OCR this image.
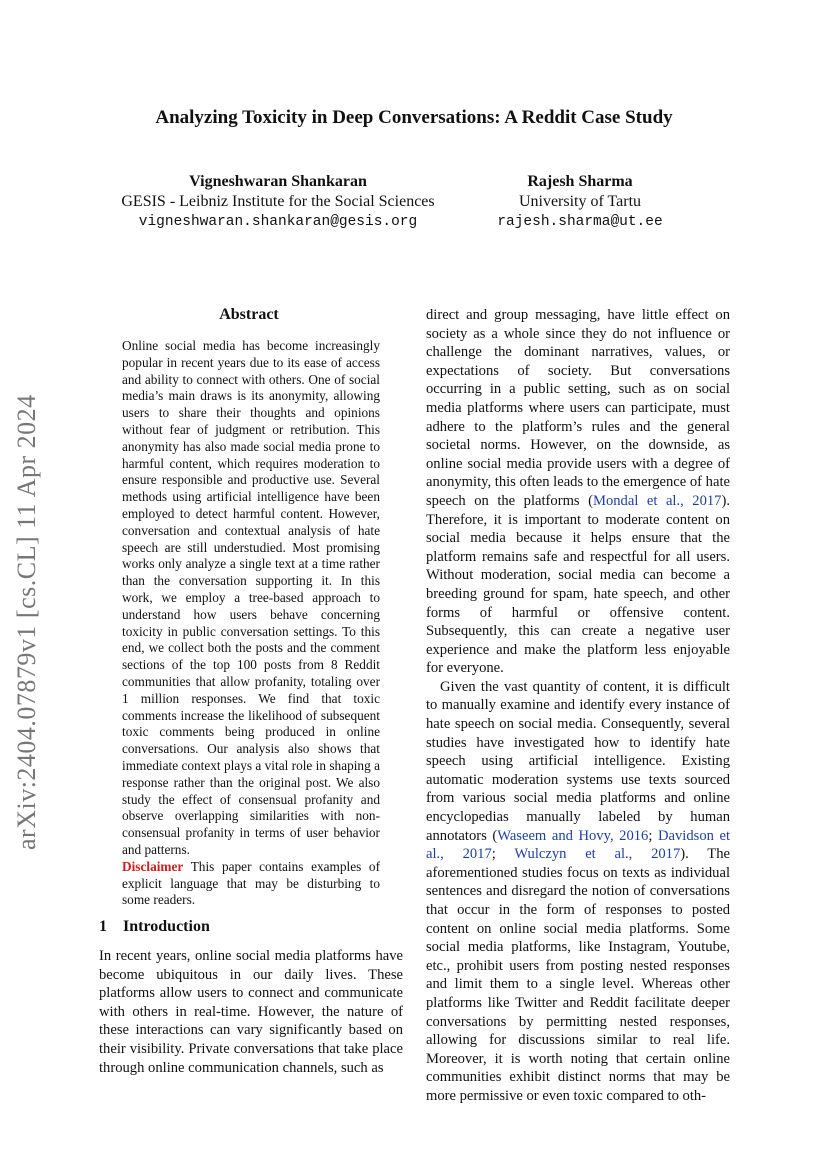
arXiv:2404.07879v1 [cs.CL] 11 Apr 2024
Analyzing Toxicity in Deep Conversations: A Reddit Case Study
Vigneshwaran Shankaran
GESIS - Leibniz Institute for the Social Sciences
vigneshwaran.shankaran@gesis.org
Rajesh Sharma
University of Tartu
rajesh.sharma@ut.ee
Abstract
Online social media has become increasingly popular in recent years due to its ease of access and ability to connect with others. One of social media’s main draws is its anonymity, allowing users to share their thoughts and opinions without fear of judgment or retribution. This anonymity has also made social media prone to harmful content, which requires moderation to ensure responsible and productive use. Several methods using artificial intelligence have been employed to detect harmful content. However, conversation and contextual analysis of hate speech are still understudied. Most promising works only analyze a single text at a time rather than the conversation supporting it. In this work, we employ a tree-based approach to understand how users behave concerning toxicity in public conversation settings. To this end, we collect both the posts and the comment sections of the top 100 posts from 8 Reddit communities that allow profanity, totaling over 1 million responses. We find that toxic comments increase the likelihood of subsequent toxic comments being produced in online conversations. Our analysis also shows that immediate context plays a vital role in shaping a response rather than the original post. We also study the effect of consensual profanity and observe overlapping similarities with non-consensual profanity in terms of user behavior and patterns.
Disclaimer This paper contains examples of explicit language that may be disturbing to some readers.
1 Introduction
In recent years, online social media platforms have become ubiquitous in our daily lives. These platforms allow users to connect and communicate with others in real-time. However, the nature of these interactions can vary significantly based on their visibility. Private conversations that take place through online communication channels, such as

direct and group messaging, have little effect on society as a whole since they do not influence or challenge the dominant narratives, values, or expectations of society. But conversations occurring in a public setting, such as on social media platforms where users can participate, must adhere to the platform’s rules and the general societal norms. However, on the downside, as online social media provide users with a degree of anonymity, this often leads to the emergence of hate speech on the platforms (Mondal et al., 2017). Therefore, it is important to moderate content on social media because it helps ensure that the platform remains safe and respectful for all users. Without moderation, social media can become a breeding ground for spam, hate speech, and other forms of harmful or offensive content. Subsequently, this can create a negative user experience and make the platform less enjoyable for everyone.

Given the vast quantity of content, it is difficult to manually examine and identify every instance of hate speech on social media. Consequently, several studies have investigated how to identify hate speech using artificial intelligence. Existing automatic moderation systems use texts sourced from various social media platforms and online encyclopedias manually labeled by human annotators (Waseem and Hovy, 2016; Davidson et al., 2017; Wulczyn et al., 2017). The aforementioned studies focus on texts as individual sentences and disregard the notion of conversations that occur in the form of responses to posted content on online social media platforms. Some social media platforms, like Instagram, Youtube, etc., prohibit users from posting nested responses and limit them to a single level. Whereas other platforms like Twitter and Reddit facilitate deeper conversations by permitting nested responses, allowing for discussions similar to real life. Moreover, it is worth noting that certain online communities exhibit distinct norms that may be more permissive or even toxic compared to oth-
